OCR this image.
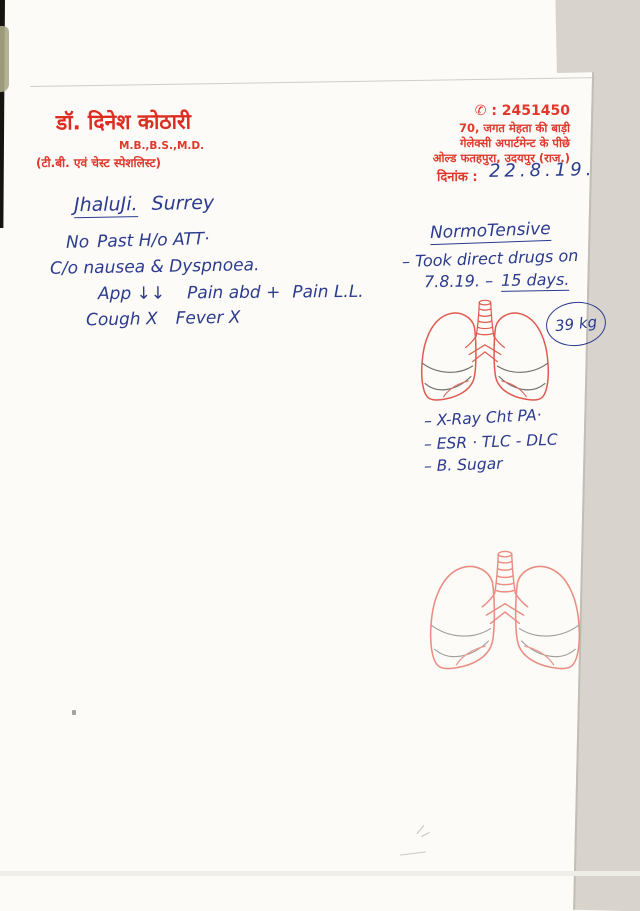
डॉ. दिनेश कोठारी
M.B.,B.S.,M.D.
(टी.बी. एवं चेस्ट स्पेशलिस्ट)
✆ : 2451450
70, जगत मेहता की बाड़ी
गेलेक्सी अपार्टमेन्ट के पीछे
ओल्ड फतहपुरा, उदयपुर (राज.)
दिनांक : 22.8.19.
JhaluJi. Surrey
No Past H/o ATT·
C/o nausea & Dyspnoea.
App ↓↓ Pain abd + Pain L.L.
Cough X Fever X
NormoTensive
– Took direct drugs on
7.8.19. – 15 days.
39 kg
– X-Ray Cht PA·
– ESR · TLC - DLC
– B. Sugar
